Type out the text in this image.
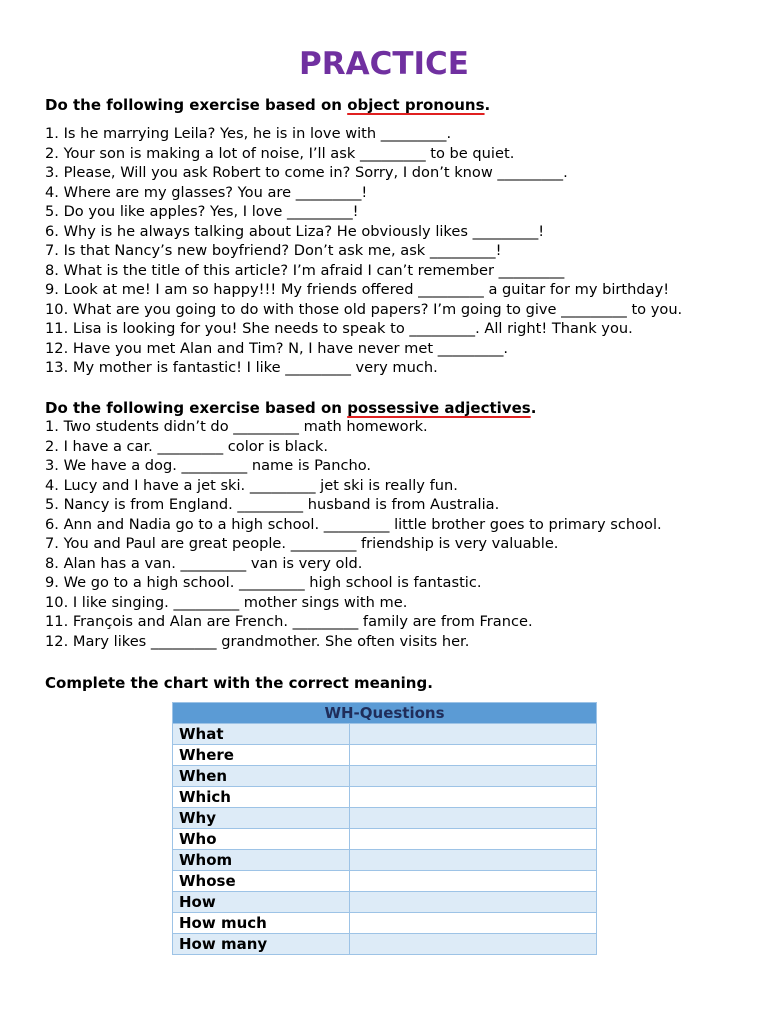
PRACTICE
Do the following exercise based on object pronouns.
1. Is he marrying Leila? Yes, he is in love with _________.
2. Your son is making a lot of noise, I’ll ask _________ to be quiet.
3. Please, Will you ask Robert to come in? Sorry, I don’t know _________.
4. Where are my glasses? You are _________!
5. Do you like apples? Yes, I love _________!
6. Why is he always talking about Liza? He obviously likes _________!
7. Is that Nancy’s new boyfriend? Don’t ask me, ask _________!
8. What is the title of this article? I’m afraid I can’t remember _________
9. Look at me! I am so happy!!! My friends offered _________ a guitar for my birthday!
10. What are you going to do with those old papers? I’m going to give _________ to you.
11. Lisa is looking for you! She needs to speak to _________. All right! Thank you.
12. Have you met Alan and Tim? N, I have never met _________.
13. My mother is fantastic! I like _________ very much.
Do the following exercise based on possessive adjectives.
1. Two students didn’t do _________ math homework.
2. I have a car. _________ color is black.
3. We have a dog. _________ name is Pancho.
4. Lucy and I have a jet ski. _________ jet ski is really fun.
5. Nancy is from England. _________ husband is from Australia.
6. Ann and Nadia go to a high school. _________ little brother goes to primary school.
7. You and Paul are great people. _________ friendship is very valuable.
8. Alan has a van. _________ van is very old.
9. We go to a high school. _________ high school is fantastic.
10. I like singing. _________ mother sings with me.
11. François and Alan are French. _________ family are from France.
12. Mary likes _________ grandmother. She often visits her.
Complete the chart with the correct meaning.
WH-Questions	
What	
Where	
When	
Which	
Why	
Who	
Whom	
Whose	
How	
How much	
How many	
